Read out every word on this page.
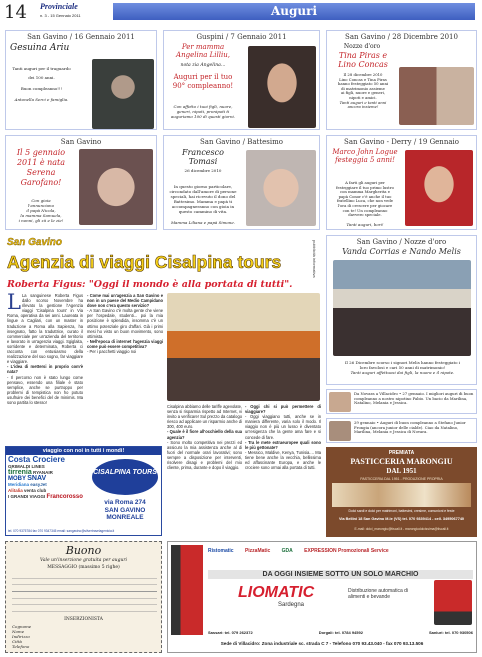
14 Provinciale
n. 3 - 15 Gennaio 2011	Auguri
San Gavino / 16 Gennaio 2011
Gesuina Ariu
Tanti auguri per il traguardo
dei 100 anni.
Buon compleanno!!!
Antonella Serci e famiglia.
Guspini / 7 Gennaio 2011
Per mamma Angelina Lilliu,
nota zia Angelina…
Auguri per il tuo 90° compleanno!
Con affetto i tuoi figli, nuore,
generi, nipoti, pronipoti ti
auguriamo 100 di questi giorni.
San Gavino / 28 Dicembre 2010
Nozze d'oro
Tina Piras e Lino Concas
Il 28 dicembre 2010
Lino Concas e Tina Piras
hanno festeggiato 50 anni
di matrimonio assieme
ai figli, nuore e generi,
nipoti e amici.
Tanti auguri e tanti anni
ancora insieme!
San Gavino
Il 5 gennaio 2011 è nata Serena Garofano!
Con gioia
l'annunciano
il papà Nicola,
la mamma Samuela,
i nonni, gli zii e le zie!
San Gavino / Battesimo
Francesco Tomasi
26 dicembre 2010
In questo giorno particolare,
circondato dall'amore di persone
speciali, hai ricevuto il dono del
Battesimo. Mamma e papà ti
accompagneranno con gioia in
questo cammino di vita.
Mamma Liliana e papà Simone.
San Gavino - Derry / 19 Gennaio
Marco John Logue festeggia 5 anni!
A farti gli auguri per
festeggiare il tuo primo lustro
con mamma Margherita e
papà Conor c'è anche il tuo
fratellino Luca, che non vede
l'ora di crescere per giocare
con te! Un compleanno
davvero speciale.
Tanti auguri, bori!
San Gavino
Agenzia di viaggi Cisalpina tours	pubblicità informativa
Roberta Figus: "Oggi il mondo è alla portata di tutti".
L La sanguinese Roberta Figus dallo scorso Novembre ha rilevato la gestione l'Agenzia viaggi 'Cisalpina tours' in Via Roma, operativa da sei anni. Laureata in lingue a Cagliari, con un master in traduzione a Roma alla Sapienza, ha insegnato, fatto la traduttrice, curato il commerciale per un'azienda del territorio e lavorato in un'agenzia viaggi. Sgiglaita, sorridente e determinata, Roberta ci racconta con entusiasmo della realizzazione del suo sogno, far viaggiare e viaggiare.
- L'idea di mettersi in proprio com'è nata?
- Il percorso non è stato lungo come pensavo, essendo una filiale è stato semplice, anche se purtroppo per problemi di tempistica non ho potuto usufruire dei benefici del de minimis. Ma sono partita lo stesso!
- Come mai un'agenzia a San Gavino e non in un paese del Medio Campidano dove non c'era questo servizio?
- A San Gavino c'è molta gente che viene per l'ospedale, studenti... poi la mia posizione è splendida, insomma c'è un ottimo potenziale giro d'affari. Già i primi mesi ho visto un buon movimento, sono ottimista.
- Nell'epoca di internet l'agenzia viaggi come può essere competitiva?
- Per i pacchetti viaggio noi
Cisalpina abbiamo delle tariffe agevolate, senza si risparmia rispetto ad Internet, vi invito a verificare! Sul prezzo da catalogo riesco ad applicare un risparmio anche di 300, 400 euro.
- Quale è il fiore all'occhiello della sua agenzia?
- Sono molto competitiva nei prezzi ed assicuro la mia assistenza anche al di fuori del normale orari lavorativi; sono sempre a disposizione per interventi, risolvere disagi e problemi del mio cliente, prima, durante e dopo il viaggio.
- Oggi chi si può permettere di viaggiare?
- Oggi viaggiano tutti, anche se in maniera differente, varia solo il modo. Il viaggio non è più un lusso è diventato un'esigenza che la gente ama fare e si concede di fare.
- Tra le mete extraeuropee quali sono le più gettonate?
- Messico, Maldive, Kenya, Tunisia.... Ma tiene bene anche la vecchia, bellissima ed affascinante Europa, e anche le crociere sono ormai alla portata di tutti.
viaggio con noi in tutti i mondi!
Costa Crociere GRIMALDI LINES
tirrenia RYANAIR
MOBY SNAV
Meridiana easyJet
Alitalia venta club
I GRANDI VIAGGI Francorosso
CISALPINA TOURS
via Roma 274
SAN GAVINO
MONREALE
tel. 070 9375784 fax 070 9347345 email: sangavino@silvertravelagentcia.it
San Gavino / Nozze d'oro
Vanda Corrias e Nando Melis
Il 26 Dicembre scorso i signori Melis hanno festeggiato i
loro favolosi e cari 50 anni di matrimonio!
Tanti auguri affettuosi dai figli, la nuora e il nipote.
Da Novara a Villacidro • 27 gennaio. I migliori auguri di buon compleanno a nostro nipotino Fabio. Un bacio da Marilina, Natalino, Melania e Jessica.
29 gennaio • Auguri di buon compleanno a Stefano Junior Frongia (ancora junior delle cialde). Ciao da Natalino, Marilina, Melania e Jessica di Novara.
PREMIATA
PASTICCERIA MARONGIU
DAL 1951
PASTICCERIA DAL 1951 - PRODUZIONE PROPRIA
Dolci sardi e dolci per matrimoni, battesimi, cresime, comunioni e feste
Via Bellini 18 San Gavino M.le (VS) tel. 070 9339414 - cell. 3495067740
E-mail: dolci_marongiu@tiscali.it - marongiudolcissima@tiscali.it
Buono
Vale un'inserzione gratuita per auguri
MESSAGGIO (massimo 5 righe)
INSERZIONISTA
Cognome
Nome
Indirizzo
Città
Telefono
Ristomatic PizzaMatic GDA EXPRESSION Promozionali Service
DA OGGI INSIEME SOTTO UN SOLO MARCHIO
LIOMATIC
Sardegna
Distribuzione automatica di alimenti e bevande
Sassari: tel. 079 262372	Dorgali: tel. 0784 94592	Sanluri: tel. 070 930506
Sede di Villacidro: Zona industriale sc. strada C 7 - Telefono 070 93.43.040 - fax 070 93.13.506
